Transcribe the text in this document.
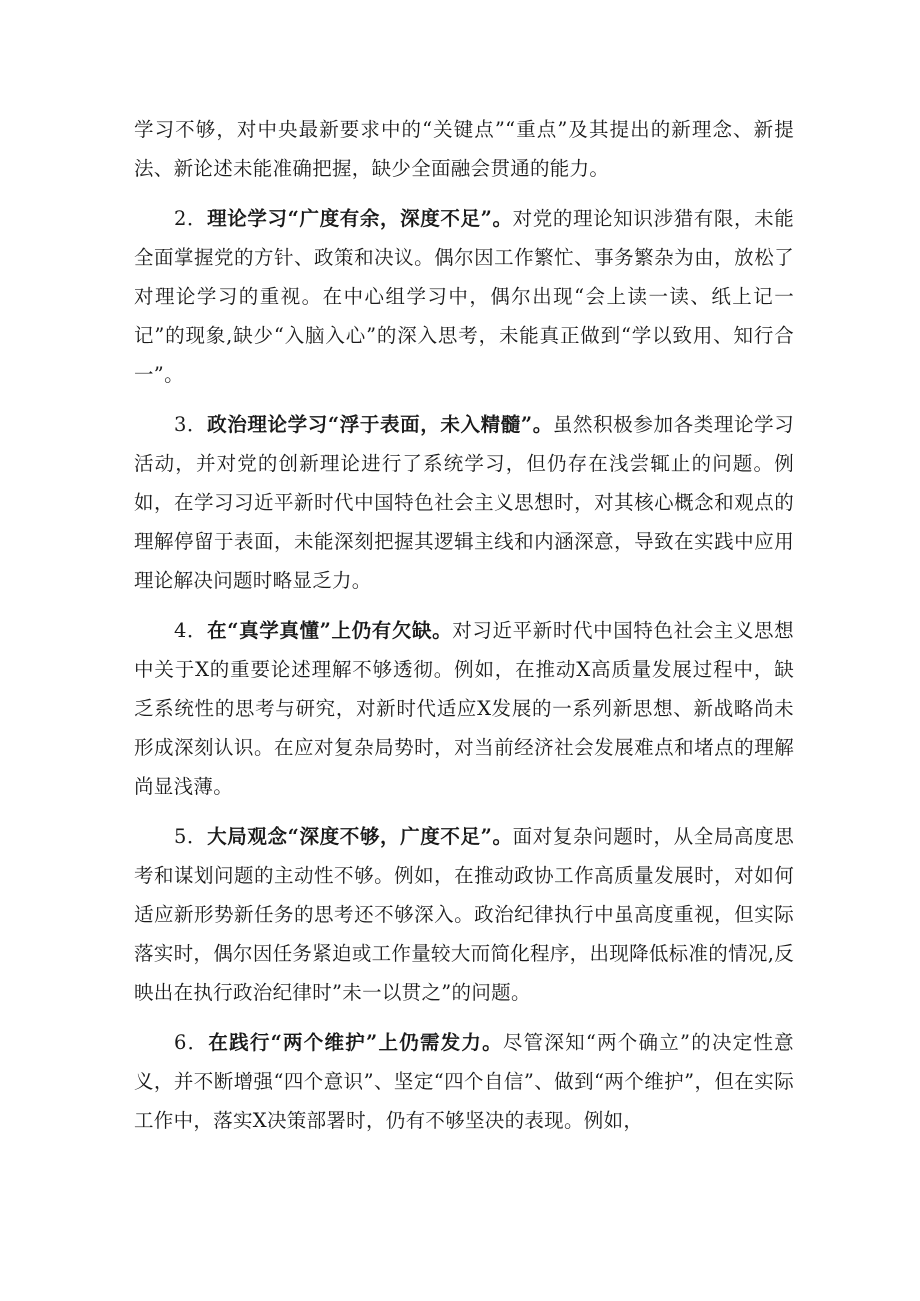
学习不够，对中央最新要求中的“关键点”“重点”及其提出的新理念、新提法、新论述未能准确把握，缺少全面融会贯通的能力。

2．理论学习“广度有余，深度不足”。对党的理论知识涉猎有限，未能全面掌握党的方针、政策和决议。偶尔因工作繁忙、事务繁杂为由，放松了对理论学习的重视。在中心组学习中，偶尔出现“会上读一读、纸上记一记”的现象,缺少“入脑入心”的深入思考，未能真正做到“学以致用、知行合一”。

3．政治理论学习“浮于表面，未入精髓”。虽然积极参加各类理论学习活动，并对党的创新理论进行了系统学习，但仍存在浅尝辄止的问题。例如，在学习习近平新时代中国特色社会主义思想时，对其核心概念和观点的理解停留于表面，未能深刻把握其逻辑主线和内涵深意，导致在实践中应用理论解决问题时略显乏力。

4．在“真学真懂”上仍有欠缺。对习近平新时代中国特色社会主义思想中关于X的重要论述理解不够透彻。例如，在推动X高质量发展过程中，缺乏系统性的思考与研究，对新时代适应X发展的一系列新思想、新战略尚未形成深刻认识。在应对复杂局势时，对当前经济社会发展难点和堵点的理解尚显浅薄。

5．大局观念“深度不够，广度不足”。面对复杂问题时，从全局高度思考和谋划问题的主动性不够。例如，在推动政协工作高质量发展时，对如何适应新形势新任务的思考还不够深入。政治纪律执行中虽高度重视，但实际落实时，偶尔因任务紧迫或工作量较大而简化程序，出现降低标准的情况,反映出在执行政治纪律时”未一以贯之”的问题。

6．在践行“两个维护”上仍需发力。尽管深知“两个确立”的决定性意义，并不断增强“四个意识”、坚定“四个自信”、做到“两个维护”，但在实际工作中，落实X决策部署时，仍有不够坚决的表现。例如，
